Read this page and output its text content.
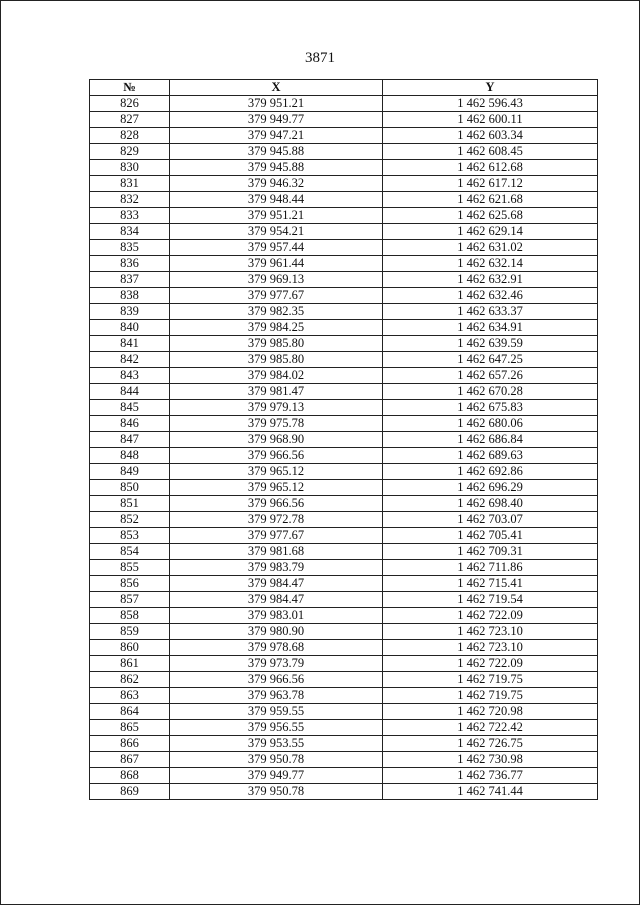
3871
№	X	Y
826	379 951.21	1 462 596.43
827	379 949.77	1 462 600.11
828	379 947.21	1 462 603.34
829	379 945.88	1 462 608.45
830	379 945.88	1 462 612.68
831	379 946.32	1 462 617.12
832	379 948.44	1 462 621.68
833	379 951.21	1 462 625.68
834	379 954.21	1 462 629.14
835	379 957.44	1 462 631.02
836	379 961.44	1 462 632.14
837	379 969.13	1 462 632.91
838	379 977.67	1 462 632.46
839	379 982.35	1 462 633.37
840	379 984.25	1 462 634.91
841	379 985.80	1 462 639.59
842	379 985.80	1 462 647.25
843	379 984.02	1 462 657.26
844	379 981.47	1 462 670.28
845	379 979.13	1 462 675.83
846	379 975.78	1 462 680.06
847	379 968.90	1 462 686.84
848	379 966.56	1 462 689.63
849	379 965.12	1 462 692.86
850	379 965.12	1 462 696.29
851	379 966.56	1 462 698.40
852	379 972.78	1 462 703.07
853	379 977.67	1 462 705.41
854	379 981.68	1 462 709.31
855	379 983.79	1 462 711.86
856	379 984.47	1 462 715.41
857	379 984.47	1 462 719.54
858	379 983.01	1 462 722.09
859	379 980.90	1 462 723.10
860	379 978.68	1 462 723.10
861	379 973.79	1 462 722.09
862	379 966.56	1 462 719.75
863	379 963.78	1 462 719.75
864	379 959.55	1 462 720.98
865	379 956.55	1 462 722.42
866	379 953.55	1 462 726.75
867	379 950.78	1 462 730.98
868	379 949.77	1 462 736.77
869	379 950.78	1 462 741.44
